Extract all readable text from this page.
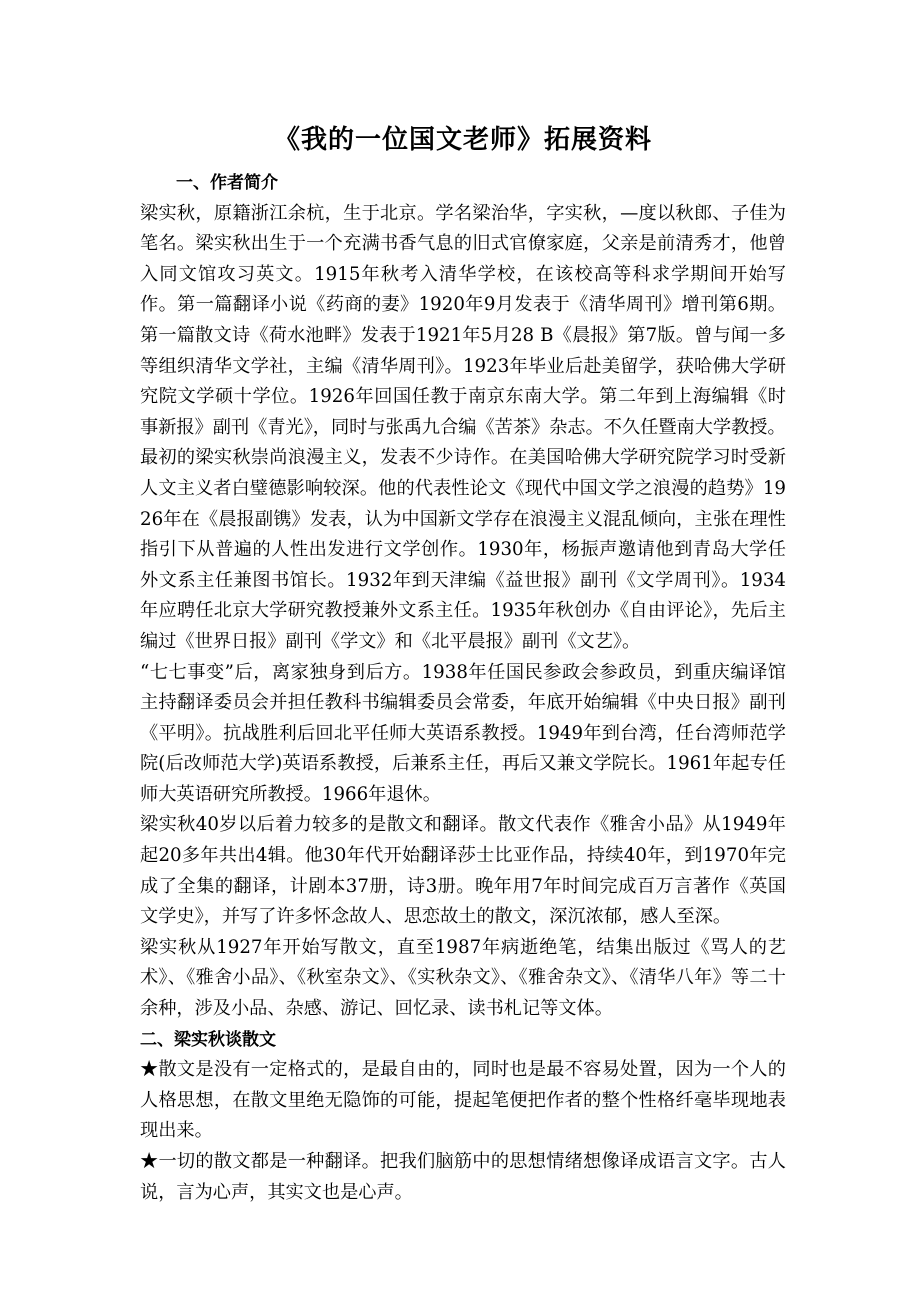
《我的一位国文老师》拓展资料
一、作者简介

梁实秋，原籍浙江余杭，生于北京。学名梁治华，字实秋，—度以秋郎、子佳为笔名。梁实秋出生于一个充满书香气息的旧式官僚家庭，父亲是前清秀才，他曾入同文馆攻习英文。1915年秋考入清华学校，在该校高等科求学期间开始写作。第一篇翻译小说《药商的妻》1920年9月发表于《清华周刊》增刊第6期。第一篇散文诗《荷水池畔》发表于1921年5月28 B《晨报》第7版。曾与闻一多等组织清华文学社，主编《清华周刊》。1923年毕业后赴美留学，获哈佛大学研究院文学硕十学位。1926年回国任教于南京东南大学。第二年到上海编辑《时事新报》副刊《青光》，同时与张禹九合编《苦茶》杂志。不久任暨南大学教授。

最初的梁实秋崇尚浪漫主义，发表不少诗作。在美国哈佛大学研究院学习时受新人文主义者白璧德影响较深。他的代表性论文《现代中国文学之浪漫的趋势》1926年在《晨报副镌》发表，认为中国新文学存在浪漫主义混乱倾向，主张在理性指引下从普遍的人性出发进行文学创作。1930年，杨振声邀请他到青岛大学任外文系主任兼图书馆长。1932年到天津编《益世报》副刊《文学周刊》。1934年应聘任北京大学研究教授兼外文系主任。1935年秋创办《自由评论》，先后主编过《世界日报》副刊《学文》和《北平晨报》副刊《文艺》。

“七七事变”后，离家独身到后方。1938年任国民参政会参政员，到重庆编译馆主持翻译委员会并担任教科书编辑委员会常委，年底开始编辑《中央日报》副刊《平明》。抗战胜利后回北平任师大英语系教授。1949年到台湾，任台湾师范学院(后改师范大学)英语系教授，后兼系主任，再后又兼文学院长。1961年起专任师大英语研究所教授。1966年退休。

梁实秋40岁以后着力较多的是散文和翻译。散文代表作《雅舍小品》从1949年起20多年共出4辑。他30年代开始翻译莎士比亚作品，持续40年，到1970年完成了全集的翻译，计剧本37册，诗3册。晚年用7年时间完成百万言著作《英国文学史》，并写了许多怀念故人、思恋故土的散文，深沉浓郁，感人至深。

梁实秋从1927年开始写散文，直至1987年病逝绝笔，结集出版过《骂人的艺术》、《雅舍小品》、《秋室杂文》、《实秋杂文》、《雅舍杂文》、《清华八年》等二十余种，涉及小品、杂感、游记、回忆录、读书札记等文体。

二、梁实秋谈散文

★散文是没有一定格式的，是最自由的，同时也是最不容易处置，因为一个人的人格思想，在散文里绝无隐饰的可能，提起笔便把作者的整个性格纤毫毕现地表现出来。

★一切的散文都是一种翻译。把我们脑筋中的思想情绪想像译成语言文字。古人说，言为心声，其实文也是心声。
